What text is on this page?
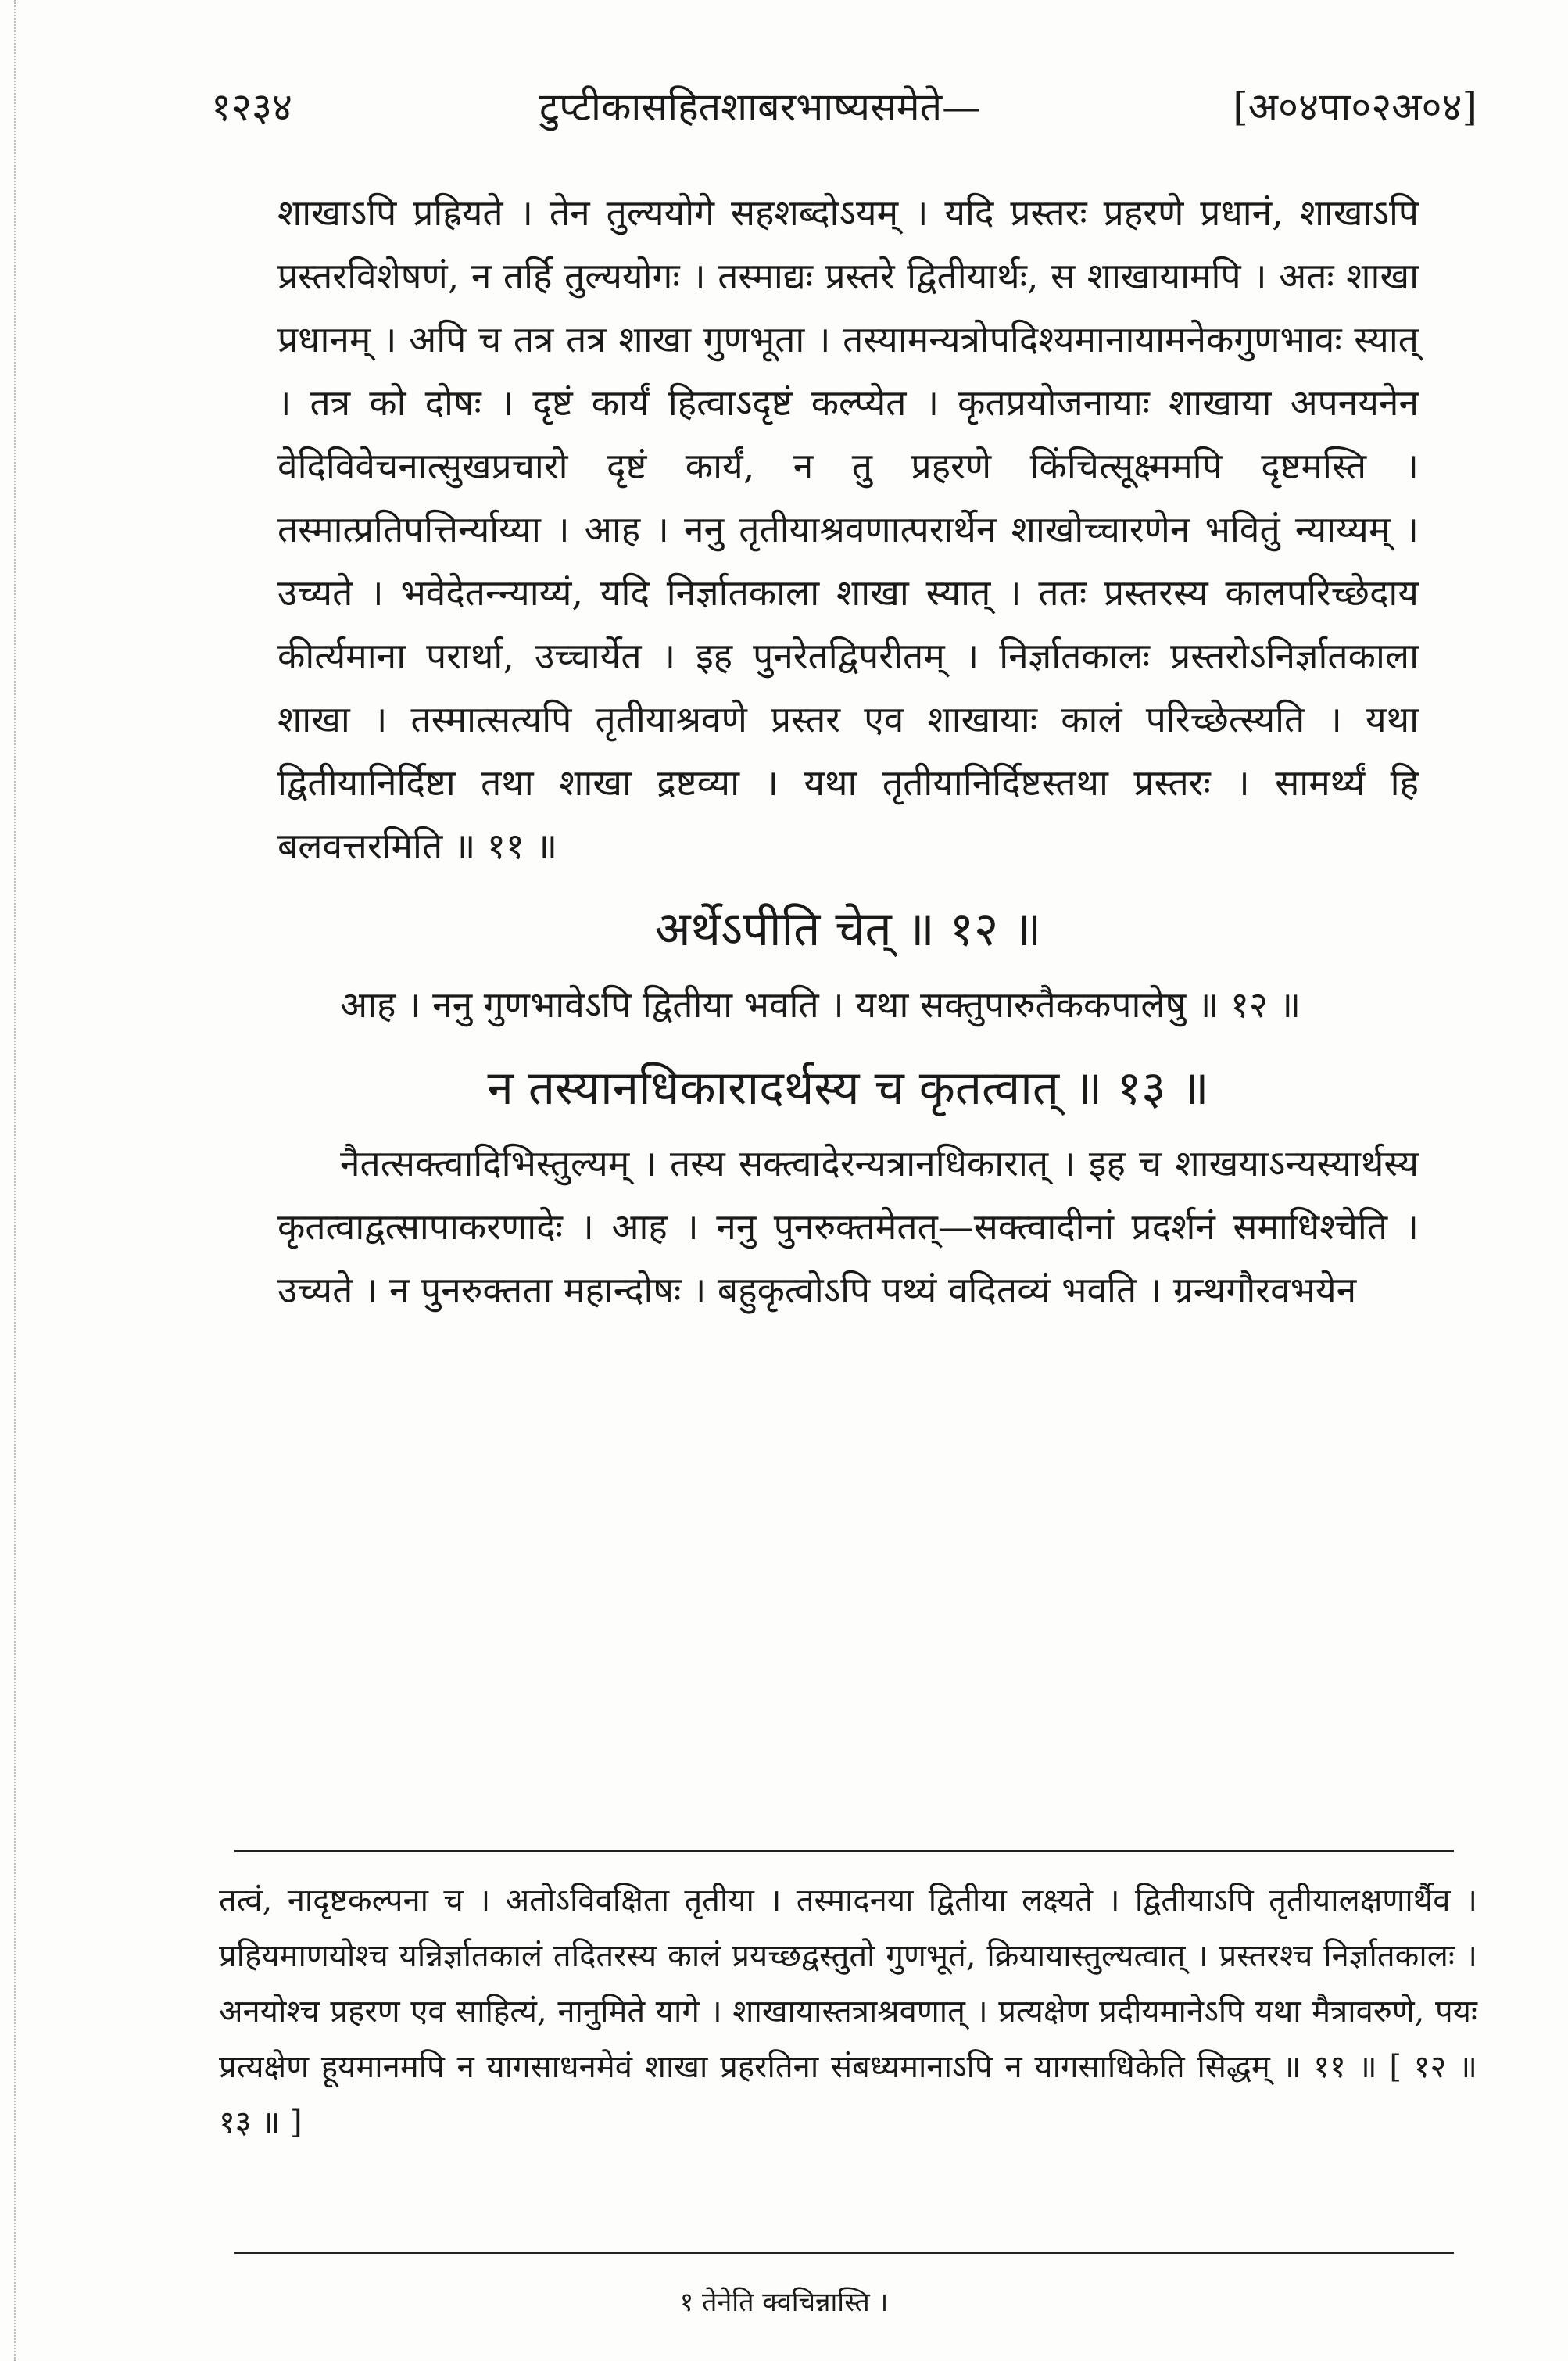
१२३४	टुप्टीकासहितशाबरभाष्यसमेते—	[अ०४पा०२अ०४]

शाखाऽपि प्रह्रियते । तेन तुल्ययोगे सहशब्दोऽयम् । यदि प्रस्तरः प्रहरणे प्रधानं, शाखाऽपि प्रस्तरविशेषणं, न तर्हि तुल्ययोगः । तस्माद्यः प्रस्तरे द्वितीयार्थः, स शाखायामपि । अतः शाखा प्रधानम् । अपि च तत्र तत्र शाखा गुणभूता । तस्यामन्यत्रोपदिश्यमानायामनेकगुणभावः स्यात् । तत्र को दोषः । दृष्टं कार्यं हित्वाऽदृष्टं कल्प्येत । कृतप्रयोजनायाः शाखाया अपनयनेन वेदिविवेचनात्सुखप्रचारो दृष्टं कार्यं, न तु प्रहरणे किंचित्सूक्ष्ममपि दृष्टमस्ति । तस्मात्प्रतिपत्तिर्न्याय्या । आह । ननु तृतीयाश्रवणात्परार्थेन शाखोच्चारणेन भवितुं न्याय्यम् । उच्यते । भवेदेतन्न्याय्यं, यदि निर्ज्ञातकाला शाखा स्यात् । ततः प्रस्तरस्य कालपरिच्छेदाय कीर्त्यमाना परार्था, उच्चार्येत । इह पुनरेतद्विपरीतम् । निर्ज्ञातकालः प्रस्तरोऽनिर्ज्ञातकाला शाखा । तस्मात्सत्यपि तृतीयाश्रवणे प्रस्तर एव शाखायाः कालं परिच्छेत्स्यति । यथा द्वितीयानिर्दिष्टा तथा शाखा द्रष्टव्या । यथा तृतीयानिर्दिष्टस्तथा प्रस्तरः । सामर्थ्यं हि बलवत्तरमिति ॥ ११ ॥

अर्थेऽपीति चेत् ॥ १२ ॥

आह । ननु गुणभावेऽपि द्वितीया भवति । यथा सक्तुपारुतैककपालेषु ॥ १२ ॥

न तस्यानधिकारादर्थस्य च कृतत्वात् ॥ १३ ॥

नैतत्सक्त्वादिभिस्तुल्यम् । तस्य सक्त्वादेरन्यत्रानधिकारात् । इह च शाखयाऽन्यस्यार्थस्य कृतत्वाद्वत्सापाकरणादेः । आह । ननु पुनरुक्तमेतत्—सक्त्वादीनां प्रदर्शनं समाधिश्चेति । उच्यते । न पुनरुक्तता महान्दोषः । बहुकृत्वोऽपि पथ्यं वदितव्यं भवति । ग्रन्थगौरवभयेन

तत्वं, नादृष्टकल्पना च । अतोऽविवक्षिता तृतीया । तस्मादनया द्वितीया लक्ष्यते । द्वितीयाऽपि तृतीयालक्षणार्थैव । प्रहियमाणयोश्च यन्निर्ज्ञातकालं तदितरस्य कालं प्रयच्छद्वस्तुतो गुणभूतं, क्रियायास्तुल्यत्वात् । प्रस्तरश्च निर्ज्ञातकालः । अनयोश्च प्रहरण एव साहित्यं, नानुमिते यागे । शाखायास्तत्राश्रवणात् । प्रत्यक्षेण प्रदीयमानेऽपि यथा मैत्रावरुणे, पयः प्रत्यक्षेण हूयमानमपि न यागसाधनमेवं शाखा प्रहरतिना संबध्यमानाऽपि न यागसाधिकेति सिद्धम् ॥ ११ ॥ [ १२ ॥ १३ ॥ ]

१ तेनेति क्वचिन्नास्ति ।
